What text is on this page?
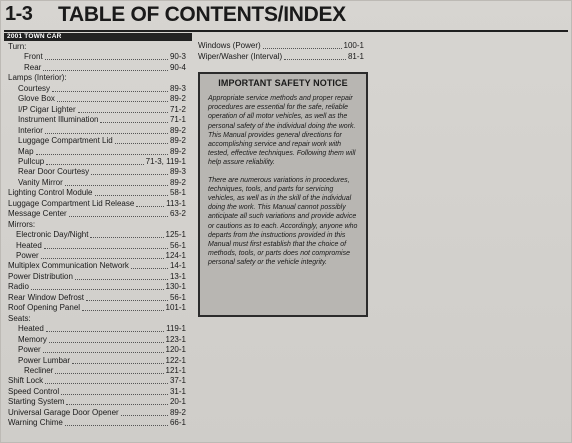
1-3 TABLE OF CONTENTS/INDEX
2001 TOWN CAR
Turn:
Front	90-3
Rear	90-4
Lamps (Interior):
Courtesy	89-3
Glove Box	89-2
I/P Cigar Lighter	71-2
Instrument Illumination	71-1
Interior	89-2
Luggage Compartment Lid	89-2
Map	89-2
Pullcup	71-3, 119-1
Rear Door Courtesy	89-3
Vanity Mirror	89-2
Lighting Control Module	58-1
Luggage Compartment Lid Release	113-1
Message Center	63-2
Mirrors:
Electronic Day/Night	125-1
Heated	56-1
Power	124-1
Multiplex Communication Network	14-1
Power Distribution	13-1
Radio	130-1
Rear Window Defrost	56-1
Roof Opening Panel	101-1
Seats:
Heated	119-1
Memory	123-1
Power	120-1
Power Lumbar	122-1
Recliner	121-1
Shift Lock	37-1
Speed Control	31-1
Starting System	20-1
Universal Garage Door Opener	89-2
Warning Chime	66-1
Windows (Power)	100-1
Wiper/Washer (Interval)	81-1
IMPORTANT SAFETY NOTICE

Appropriate service methods and proper repair procedures are essential for the safe, reliable operation of all motor vehicles, as well as the personal safety of the individual doing the work. This Manual provides general directions for accomplishing service and repair work with tested, effective techniques. Following them will help assure reliability.

There are numerous variations in procedures, techniques, tools, and parts for servicing vehicles, as well as in the skill of the individual doing the work. This Manual cannot possibly anticipate all such variations and provide advice or cautions as to each. Accordingly, anyone who departs from the instructions provided in this Manual must first establish that the choice of methods, tools, or parts does not compromise personal safety or the vehicle integrity.
